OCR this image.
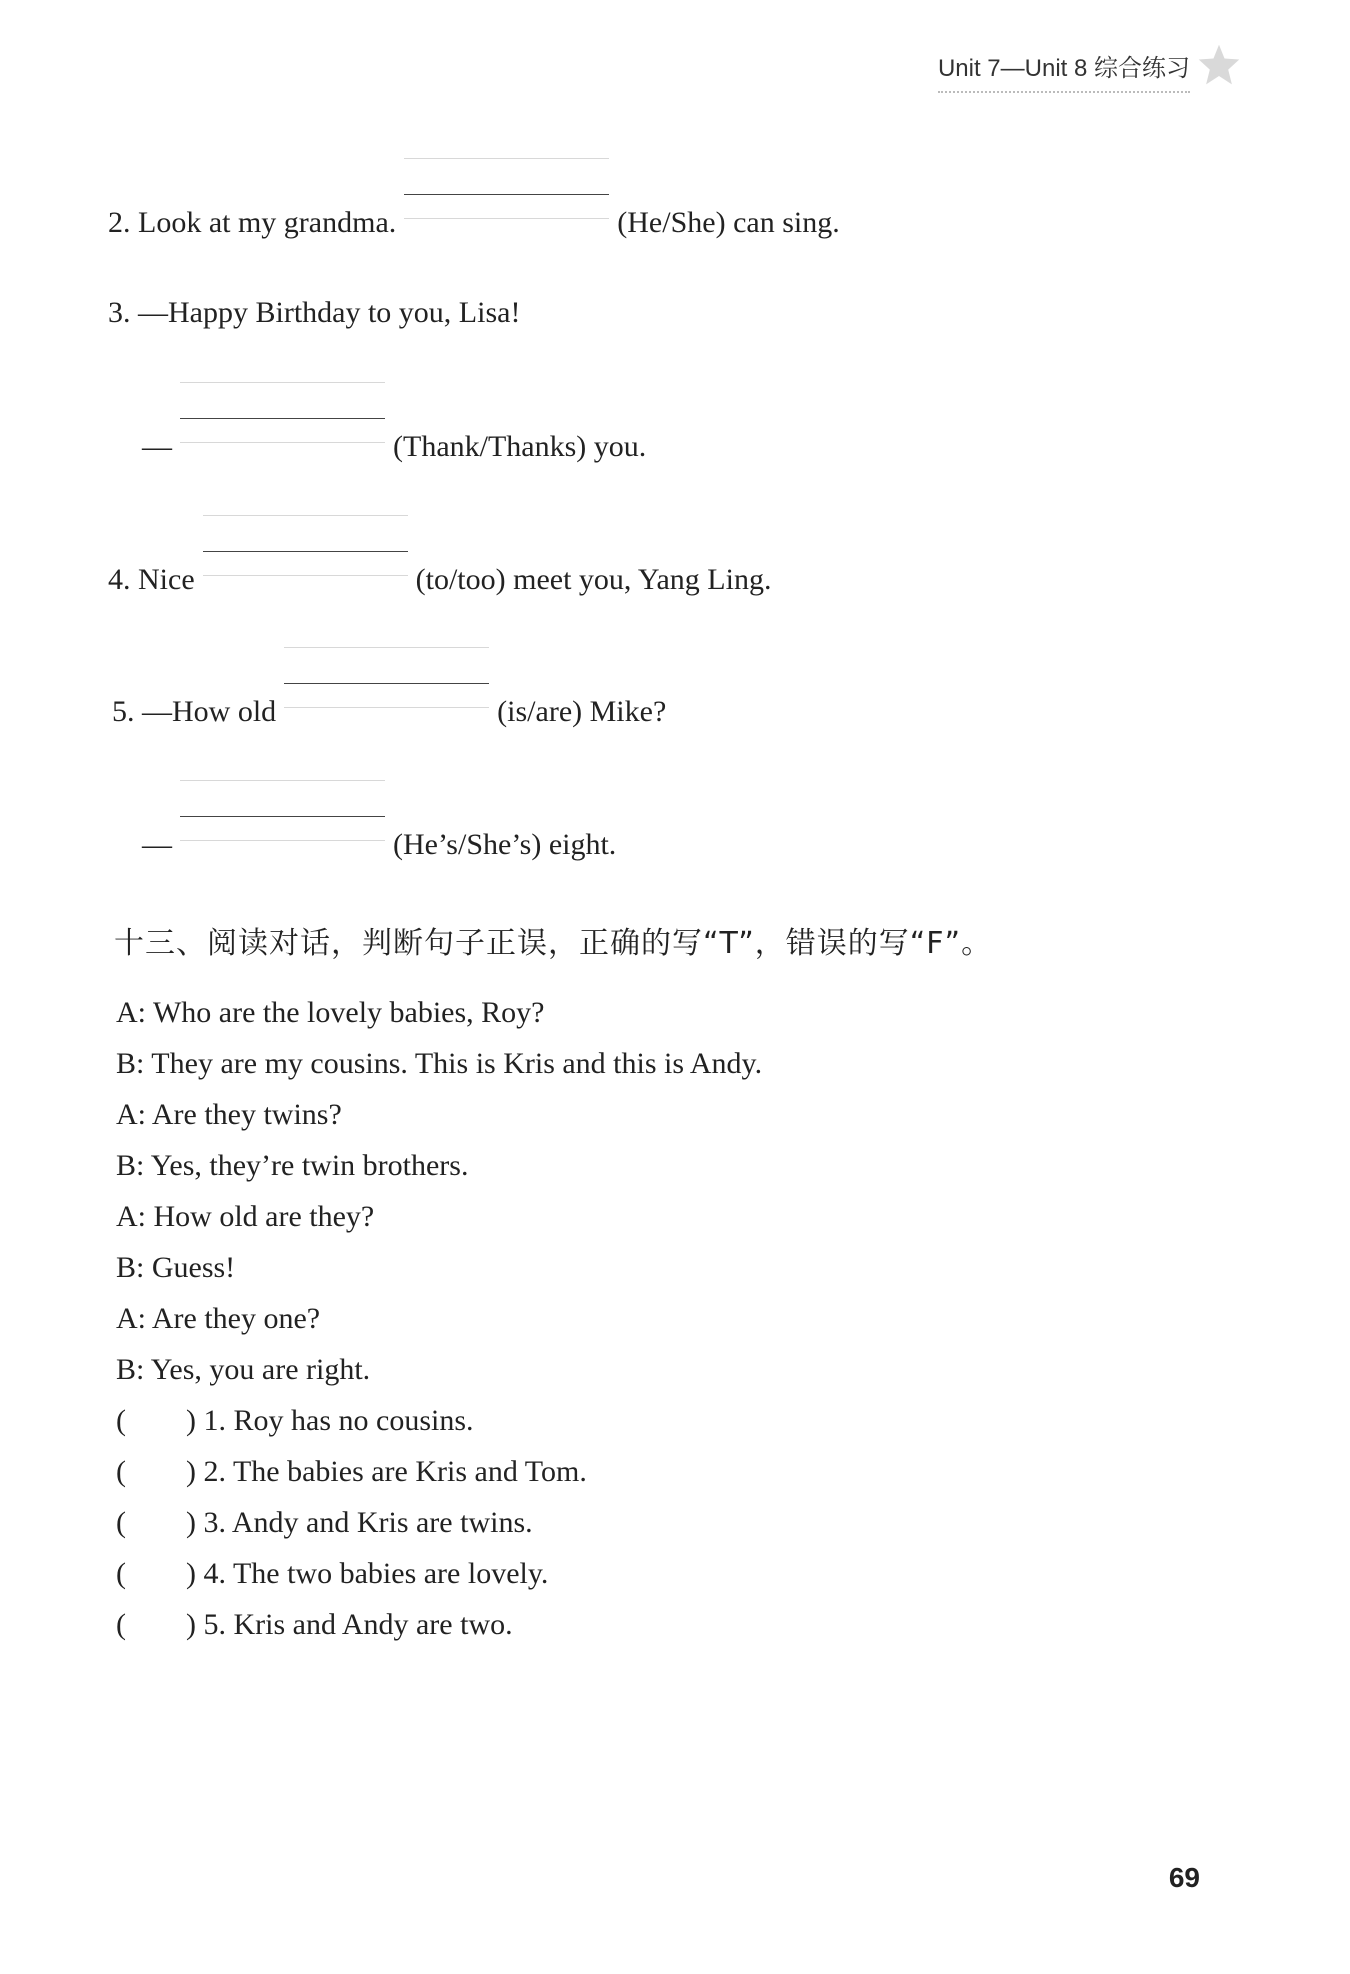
Unit 7—Unit 8 综合练习
2.
Look at my grandma.	(He/She) can sing.
3.
—Happy Birthday to you, Lisa!
—	(Thank/Thanks) you.
4.
Nice	(to/too) meet you, Yang Ling.
5.
—How old	(is/are) Mike?
—	(He’s/She’s) eight.
十三、阅读对话，判断句子正误，正确的写“T”，错误的写“F”。
A: Who are the lovely babies, Roy?
B: They are my cousins. This is Kris and this is Andy.
A: Are they twins?
B: Yes, they’re twin brothers.
A: How old are they?
B: Guess!
A: Are they one?
B: Yes, you are right.
(	)
1. Roy has no cousins.
(	)
2. The babies are Kris and Tom.
(	)
3. Andy and Kris are twins.
(	)
4. The two babies are lovely.
(	)
5. Kris and Andy are two.
69
